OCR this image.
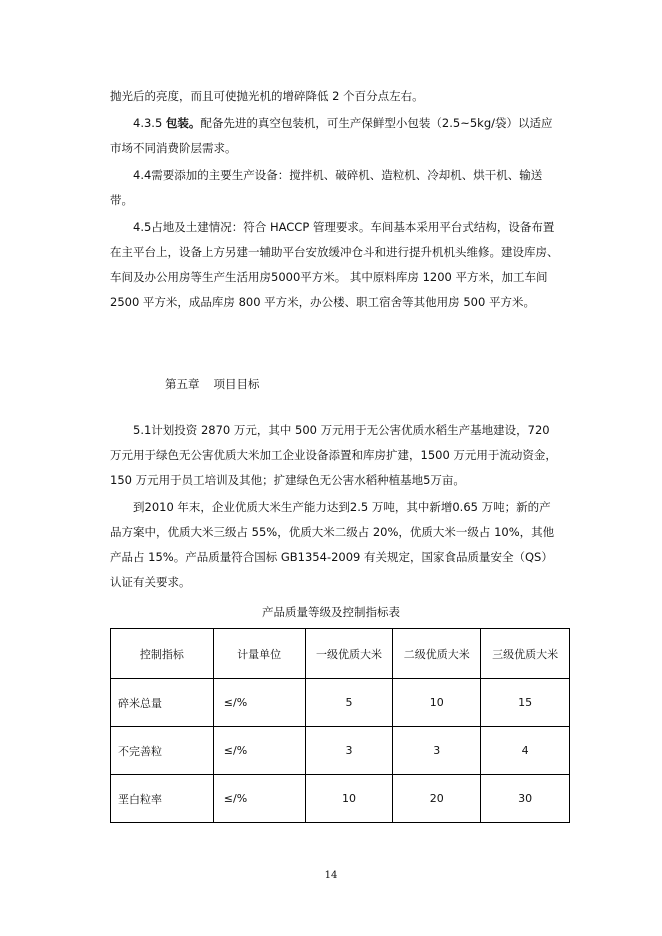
抛光后的亮度，而且可使抛光机的增碎降低 2 个百分点左右。

4.3.5 包装。配备先进的真空包装机，可生产保鲜型小包装（2.5~5kg/袋）以适应市场不同消费阶层需求。

4.4需要添加的主要生产设备：搅拌机、破碎机、造粒机、冷却机、烘干机、输送带。

4.5占地及土建情况：符合 HACCP 管理要求。车间基本采用平台式结构，设备布置在主平台上，设备上方另建一辅助平台安放缓冲仓斗和进行提升机机头维修。建设库房、车间及办公用房等生产生活用房5000平方米。 其中原料库房 1200 平方米，加工车间 2500 平方米，成品库房 800 平方米，办公楼、职工宿舍等其他用房 500 平方米。

第五章 项目目标

5.1计划投资 2870 万元，其中 500 万元用于无公害优质水稻生产基地建设，720 万元用于绿色无公害优质大米加工企业设备添置和库房扩建，1500 万元用于流动资金，150 万元用于员工培训及其他；扩建绿色无公害水稻种植基地5万亩。

到2010 年末，企业优质大米生产能力达到2.5 万吨，其中新增0.65 万吨；新的产品方案中，优质大米三级占 55%，优质大米二级占 20%，优质大米一级占 10%，其他产品占 15%。产品质量符合国标 GB1354-2009 有关规定，国家食品质量安全（QS）认证有关要求。

产品质量等级及控制指标表
控制指标	计量单位	一级优质大米	二级优质大米	三级优质大米
碎米总量	≤/%	5	10	15
不完善粒	≤/%	3	3	4
垩白粒率	≤/%	10	20	30
14
